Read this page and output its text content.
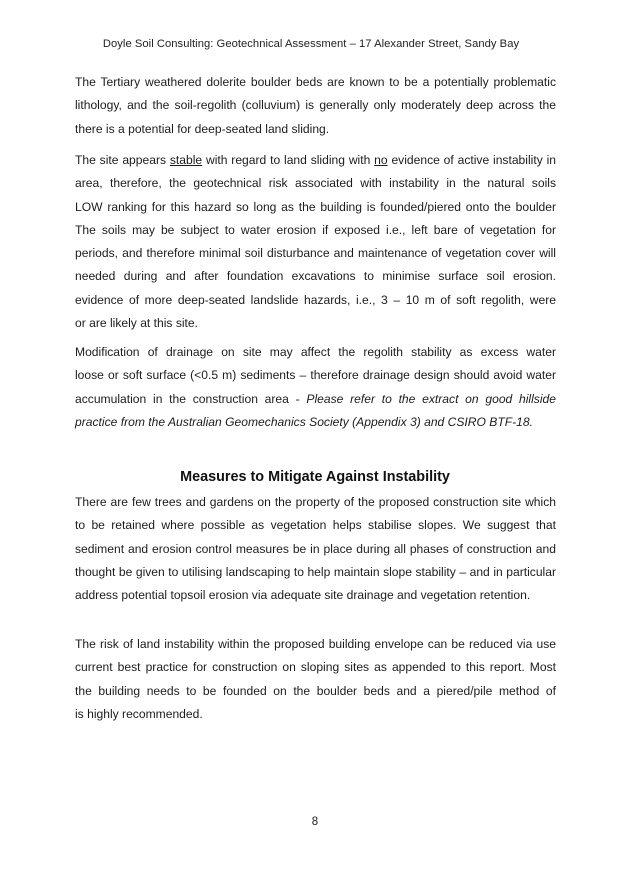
Doyle Soil Consulting: Geotechnical Assessment – 17 Alexander Street, Sandy Bay
The Tertiary weathered dolerite boulder beds are known to be a potentially problematic
lithology, and the soil-regolith (colluvium) is generally only moderately deep across the
there is a potential for deep-seated land sliding.
The site appears stable with regard to land sliding with no evidence of active instability in
area, therefore, the geotechnical risk associated with instability in the natural soils
LOW ranking for this hazard so long as the building is founded/piered onto the boulder
The soils may be subject to water erosion if exposed i.e., left bare of vegetation for
periods, and therefore minimal soil disturbance and maintenance of vegetation cover will
needed during and after foundation excavations to minimise surface soil erosion.
evidence of more deep-seated landslide hazards, i.e., 3 – 10 m of soft regolith, were
or are likely at this site.
Modification of drainage on site may affect the regolith stability as excess water
loose or soft surface (<0.5 m) sediments – therefore drainage design should avoid water
accumulation in the construction area - Please refer to the extract on good hillside
practice from the Australian Geomechanics Society (Appendix 3) and CSIRO BTF-18.
Measures to Mitigate Against Instability
There are few trees and gardens on the property of the proposed construction site which
to be retained where possible as vegetation helps stabilise slopes. We suggest that
sediment and erosion control measures be in place during all phases of construction and
thought be given to utilising landscaping to help maintain slope stability – and in particular
address potential topsoil erosion via adequate site drainage and vegetation retention.
The risk of land instability within the proposed building envelope can be reduced via use
current best practice for construction on sloping sites as appended to this report. Most
the building needs to be founded on the boulder beds and a piered/pile method of
is highly recommended.
8
